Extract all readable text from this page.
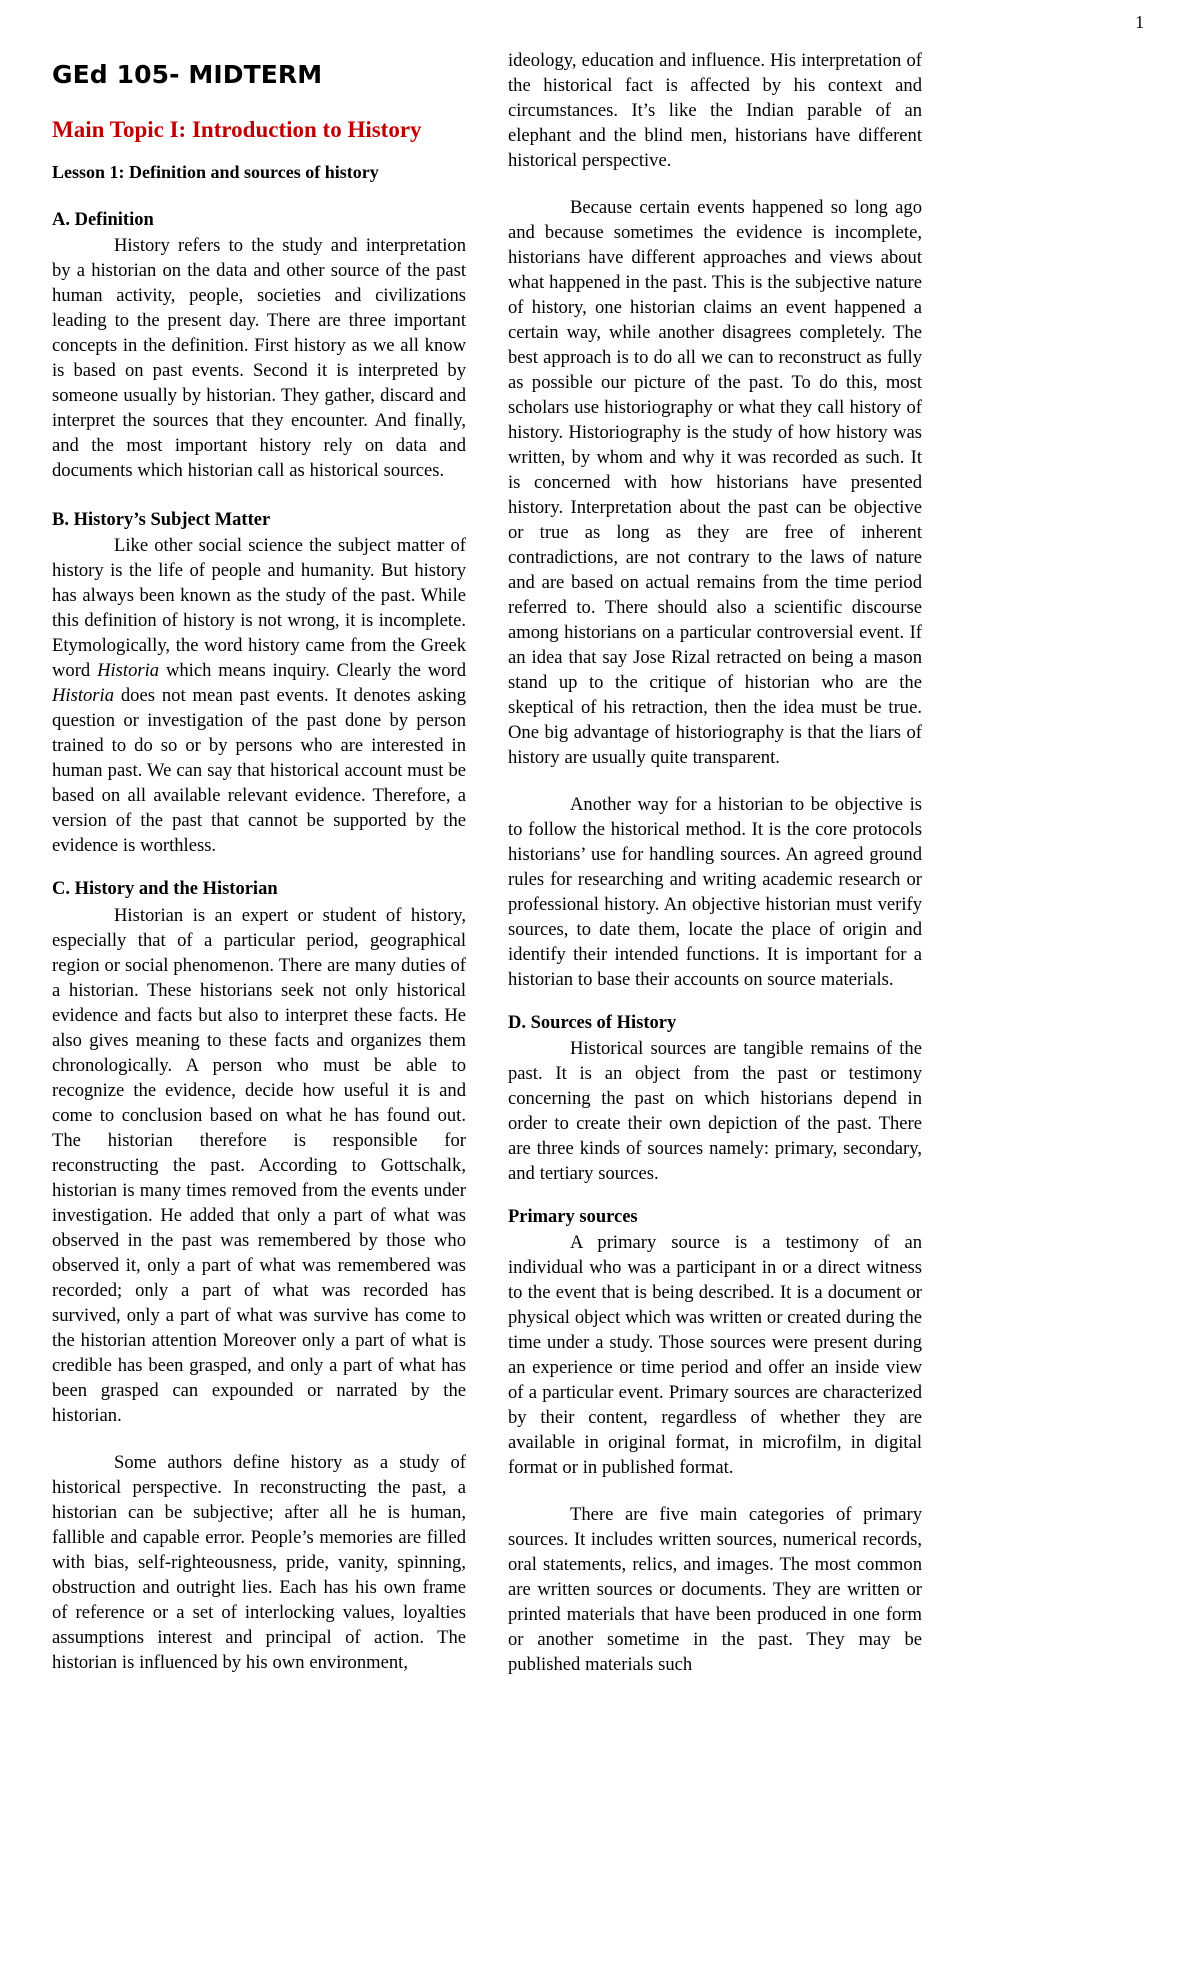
1
GEd 105- MIDTERM
Main Topic I: Introduction to History
Lesson 1: Definition and sources of history
A. Definition

History refers to the study and interpretation by a historian on the data and other source of the past human activity, people, societies and civilizations leading to the present day. There are three important concepts in the definition. First history as we all know is based on past events. Second it is interpreted by someone usually by historian. They gather, discard and interpret the sources that they encounter. And finally, and the most important history rely on data and documents which historian call as historical sources.

B. History’s Subject Matter

Like other social science the subject matter of history is the life of people and humanity. But history has always been known as the study of the past. While this definition of history is not wrong, it is incomplete. Etymologically, the word history came from the Greek word Historia which means inquiry. Clearly the word Historia does not mean past events. It denotes asking question or investigation of the past done by person trained to do so or by persons who are interested in human past. We can say that historical account must be based on all available relevant evidence. Therefore, a version of the past that cannot be supported by the evidence is worthless.

C. History and the Historian

Historian is an expert or student of history, especially that of a particular period, geographical region or social phenomenon. There are many duties of a historian. These historians seek not only historical evidence and facts but also to interpret these facts. He also gives meaning to these facts and organizes them chronologically. A person who must be able to recognize the evidence, decide how useful it is and come to conclusion based on what he has found out. The historian therefore is responsible for reconstructing the past. According to Gottschalk, historian is many times removed from the events under investigation. He added that only a part of what was observed in the past was remembered by those who observed it, only a part of what was remembered was recorded; only a part of what was recorded has survived, only a part of what was survive has come to the historian attention Moreover only a part of what is credible has been grasped, and only a part of what has been grasped can expounded or narrated by the historian.

Some authors define history as a study of historical perspective. In reconstructing the past, a historian can be subjective; after all he is human, fallible and capable error. People’s memories are filled with bias, self-righteousness, pride, vanity, spinning, obstruction and outright lies. Each has his own frame of reference or a set of interlocking values, loyalties assumptions interest and principal of action. The historian is influenced by his own environment,

ideology, education and influence. His interpretation of the historical fact is affected by his context and circumstances. It’s like the Indian parable of an elephant and the blind men, historians have different historical perspective.

Because certain events happened so long ago and because sometimes the evidence is incomplete, historians have different approaches and views about what happened in the past. This is the subjective nature of history, one historian claims an event happened a certain way, while another disagrees completely. The best approach is to do all we can to reconstruct as fully as possible our picture of the past. To do this, most scholars use historiography or what they call history of history. Historiography is the study of how history was written, by whom and why it was recorded as such. It is concerned with how historians have presented history. Interpretation about the past can be objective or true as long as they are free of inherent contradictions, are not contrary to the laws of nature and are based on actual remains from the time period referred to. There should also a scientific discourse among historians on a particular controversial event. If an idea that say Jose Rizal retracted on being a mason stand up to the critique of historian who are the skeptical of his retraction, then the idea must be true. One big advantage of historiography is that the liars of history are usually quite transparent.

Another way for a historian to be objective is to follow the historical method. It is the core protocols historians’ use for handling sources. An agreed ground rules for researching and writing academic research or professional history. An objective historian must verify sources, to date them, locate the place of origin and identify their intended functions. It is important for a historian to base their accounts on source materials.

D. Sources of History

Historical sources are tangible remains of the past. It is an object from the past or testimony concerning the past on which historians depend in order to create their own depiction of the past. There are three kinds of sources namely: primary, secondary, and tertiary sources.

Primary sources

A primary source is a testimony of an individual who was a participant in or a direct witness to the event that is being described. It is a document or physical object which was written or created during the time under a study. Those sources were present during an experience or time period and offer an inside view of a particular event. Primary sources are characterized by their content, regardless of whether they are available in original format, in microfilm, in digital format or in published format.

There are five main categories of primary sources. It includes written sources, numerical records, oral statements, relics, and images. The most common are written sources or documents. They are written or printed materials that have been produced in one form or another sometime in the past. They may be published materials such
